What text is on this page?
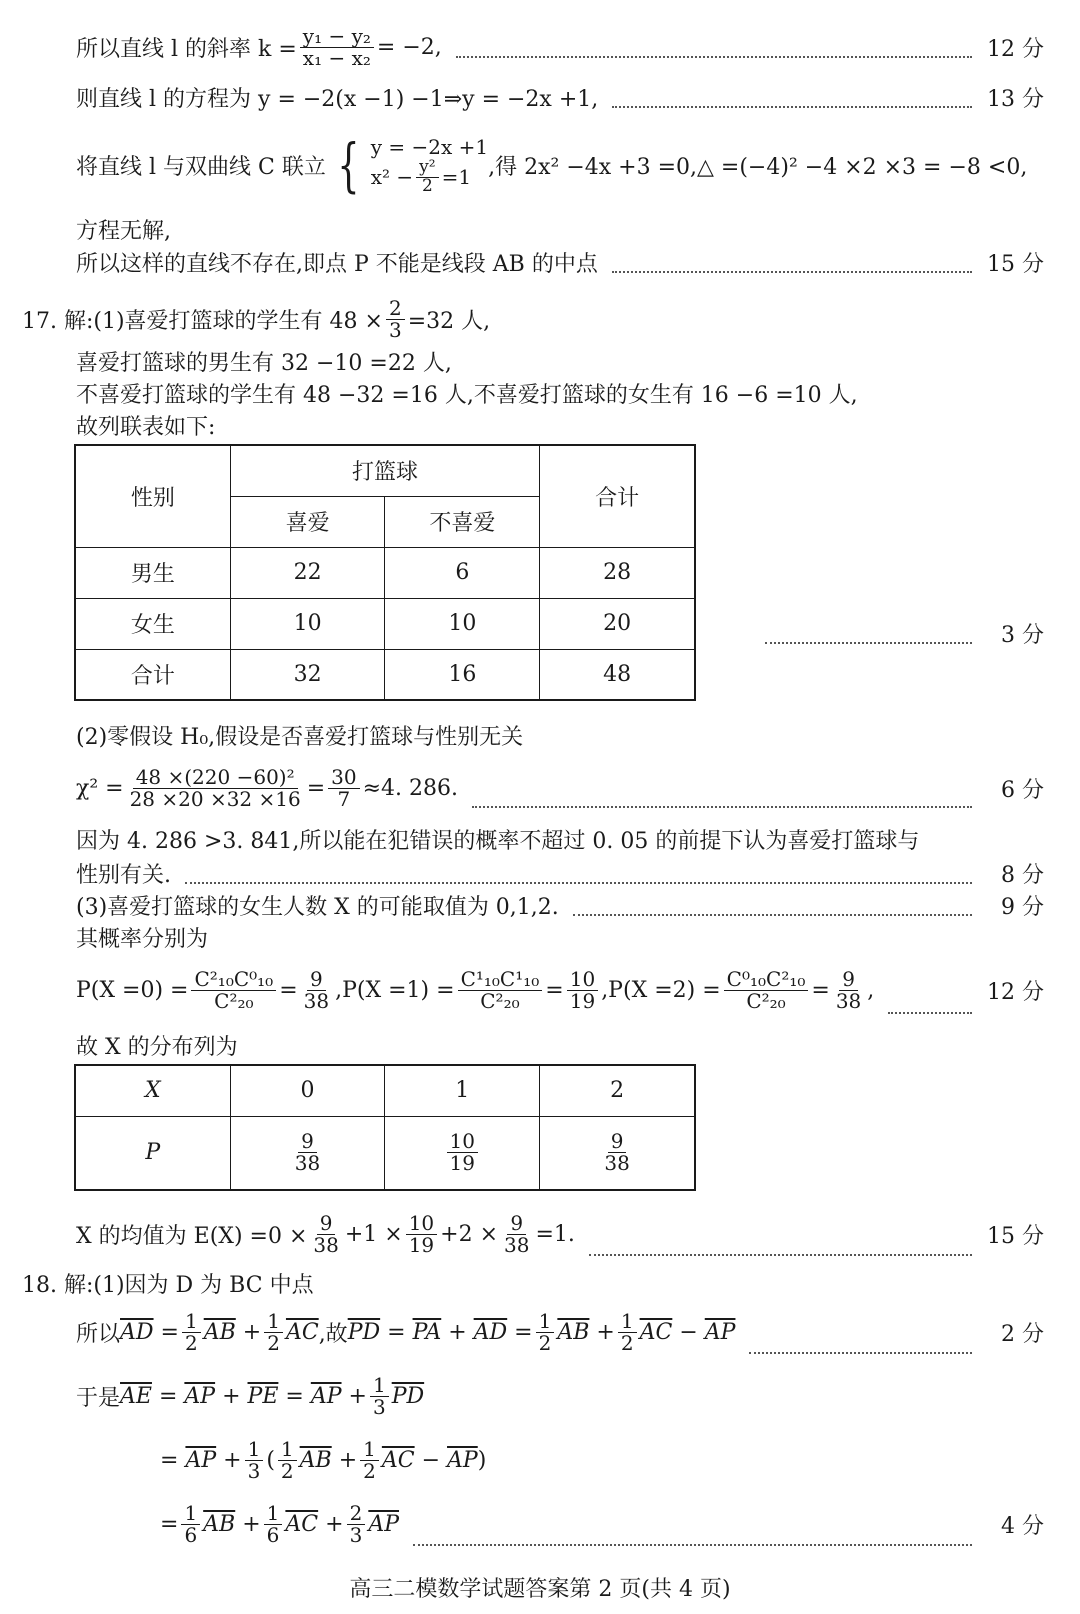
所以直线 l 的斜率 $k = \frac{\text{y₁ − y₂}}{\text{x₁ − x₂}} = -2$,	12 分
则直线 l 的方程为 y = −2(x −1) −1⇒y = −2x +1,	13 分
将直线 l 与双曲线 C 联立 { y = −2x +1
$x^2 - \frac{\text{y²}}{2} =1$ ,得 2x² −4x +3 =0,△ =(−4)² −4 ×2 ×3 = −8 <0,
方程无解,
所以这样的直线不存在,即点 P 不能是线段 AB 的中点	15 分
17. 解:(1)喜爱打篮球的学生有 $48 \times \frac{2}{3} =32$ 人,
喜爱打篮球的男生有 32 −10 =22 人,
不喜爱打篮球的学生有 48 −32 =16 人,不喜爱打篮球的女生有 16 −6 =10 人,
故列联表如下:
性别	打篮球		合计
	喜爱	不喜爱	
男生	22	6	28
女生	10	10	20
合计	32	16	48
3 分
(2)零假设 H₀,假设是否喜爱打篮球与性别无关
$\chi^2 = \frac{\text{48 ×(220 −60)²}}{28 \times 20 \times 32 \times 16} = \frac{30}{7} \approx 4$. 286.	6 分
因为 4. 286 >3. 841,所以能在犯错误的概率不超过 0. 05 的前提下认为喜爱打篮球与
性别有关.	8 分
(3)喜爱打篮球的女生人数 X 的可能取值为 0,1,2.	9 分
其概率分别为
$P(X =0) = \frac{\text{C²₁₀C⁰₁₀}}{\text{C²₂₀}} = \frac{9}{38} ,P(X =1) = \frac{\text{C¹₁₀C¹₁₀}}{\text{C²₂₀}} = \frac{10}{19} ,P(X =2) = \frac{\text{C⁰₁₀C²₁₀}}{\text{C²₂₀}} = \frac{9}{38}$ ,	12 分
故 X 的分布列为
X	0	1	2
P	$\frac{9}{38}$	$\frac{10}{19}$	$\frac{9}{38}$
X 的均值为 $E(X) =0 \times \frac{9}{38} +1 \times \frac{10}{19} +2 \times \frac{9}{38} =1$.	15 分
18. 解:(1)因为 D 为 BC 中点
所以 $\overline{AD} = \frac{1}{2} \overline{AB} + \frac{1}{2} \overline{AC}$ ,故 $\overline{PD} = \overline{PA} + \overline{AD} = \frac{1}{2} \overline{AB} + \frac{1}{2} \overline{AC} - \overline{AP}$	2 分
于是 $\overline{AE} = \overline{AP} + \overline{PE} = \overline{AP} + \frac{1}{3} \overline{PD}$
= $\overline{AP} + \frac{1}{3}$ ( $\frac{1}{2} \overline{AB} + \frac{1}{2} \overline{AC} - \overline{AP}$ )
= $\frac{1}{6} \overline{AB} + \frac{1}{6} \overline{AC} + \frac{2}{3} \overline{AP}$	4 分
高三二模数学试题答案第 2 页(共 4 页)
